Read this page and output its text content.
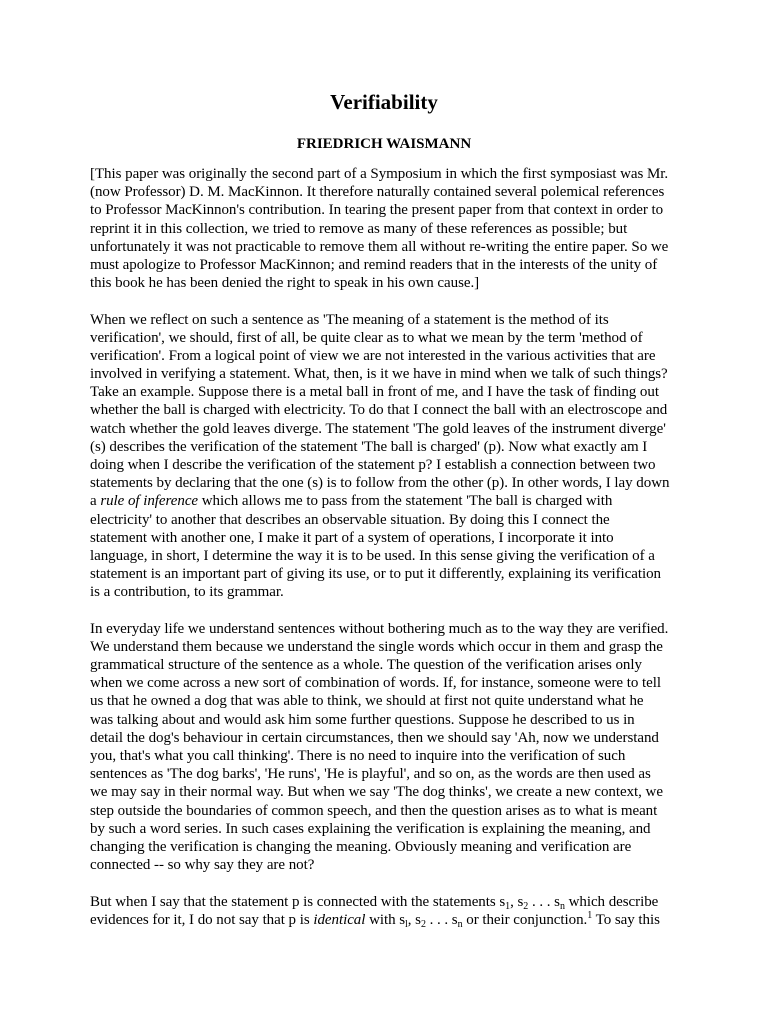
Verifiability
FRIEDRICH WAISMANN

[This paper was originally the second part of a Symposium in which the first symposiast was Mr.
(now Professor) D. M. MacKinnon. It therefore naturally contained several polemical references
to Professor MacKinnon's contribution. In tearing the present paper from that context in order to
reprint it in this collection, we tried to remove as many of these references as possible; but
unfortunately it was not practicable to remove them all without re-writing the entire paper. So we
must apologize to Professor MacKinnon; and remind readers that in the interests of the unity of
this book he has been denied the right to speak in his own cause.]

When we reflect on such a sentence as 'The meaning of a statement is the method of its
verification', we should, first of all, be quite clear as to what we mean by the term 'method of
verification'. From a logical point of view we are not interested in the various activities that are
involved in verifying a statement. What, then, is it we have in mind when we talk of such things?
Take an example. Suppose there is a metal ball in front of me, and I have the task of finding out
whether the ball is charged with electricity. To do that I connect the ball with an electroscope and
watch whether the gold leaves diverge. The statement 'The gold leaves of the instrument diverge'
(s) describes the verification of the statement 'The ball is charged' (p). Now what exactly am I
doing when I describe the verification of the statement p? I establish a connection between two
statements by declaring that the one (s) is to follow from the other (p). In other words, I lay down
a rule of inference which allows me to pass from the statement 'The ball is charged with
electricity' to another that describes an observable situation. By doing this I connect the
statement with another one, I make it part of a system of operations, I incorporate it into
language, in short, I determine the way it is to be used. In this sense giving the verification of a
statement is an important part of giving its use, or to put it differently, explaining its verification
is a contribution, to its grammar.

In everyday life we understand sentences without bothering much as to the way they are verified.
We understand them because we understand the single words which occur in them and grasp the
grammatical structure of the sentence as a whole. The question of the verification arises only
when we come across a new sort of combination of words. If, for instance, someone were to tell
us that he owned a dog that was able to think, we should at first not quite understand what he
was talking about and would ask him some further questions. Suppose he described to us in
detail the dog's behaviour in certain circumstances, then we should say 'Ah, now we understand
you, that's what you call thinking'. There is no need to inquire into the verification of such
sentences as 'The dog barks', 'He runs', 'He is playful', and so on, as the words are then used as
we may say in their normal way. But when we say 'The dog thinks', we create a new context, we
step outside the boundaries of common speech, and then the question arises as to what is meant
by such a word series. In such cases explaining the verification is explaining the meaning, and
changing the verification is changing the meaning. Obviously meaning and verification are
connected -- so why say they are not?

But when I say that the statement p is connected with the statements $s_1$, $s_2$ . . . $s_n$ which describe
evidences for it, I do not say that p is identical with $s_l$, $s_2$ . . . $s_n$ or their conjunction.$^1$ To say this
